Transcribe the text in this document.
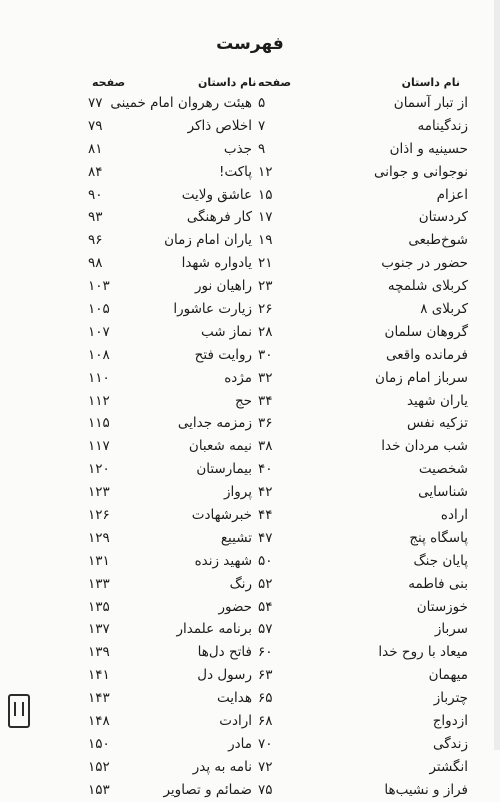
فهرست
نام داستان
صفحه
نام داستان
صفحه
از تبار آسمان
زندگینامه
حسینیه و اذان
نوجوانی و جوانی
اعزام
کردستان
شوخ‌طبعی
حضور در جنوب
کربلای شلمچه
کربلای ۸
گروهان سلمان
فرمانده واقعی
سرباز امام زمان
یاران شهید
تزکیه نفس
شب مردان خدا
شخصیت
شناسایی
اراده
پاسگاه پنج
پایان جنگ
بنی فاطمه
خوزستان
سرباز
میعاد با روح خدا
میهمان
چترباز
ازدواج
زندگی
انگشتر
فراز و نشیب‌ها
۵
هیئت رهروان امام خمینی
۷۷
۷
اخلاص ذاکر
۷۹
۹
جذب
۸۱
۱۲
پاکت!
۸۴
۱۵
عاشق ولایت
۹۰
۱۷
کار فرهنگی
۹۳
۱۹
یاران امام زمان
۹۶
۲۱
یادواره شهدا
۹۸
۲۳
راهیان نور
۱۰۳
۲۶
زیارت عاشورا
۱۰۵
۲۸
نماز شب
۱۰۷
۳۰
روایت فتح
۱۰۸
۳۲
مژده
۱۱۰
۳۴
حج
۱۱۲
۳۶
زمزمه جدایی
۱۱۵
۳۸
نیمه شعبان
۱۱۷
۴۰
بیمارستان
۱۲۰
۴۲
پرواز
۱۲۳
۴۴
خبرشهادت
۱۲۶
۴۷
تشییع
۱۲۹
۵۰
شهید زنده
۱۳۱
۵۲
رنگ
۱۳۳
۵۴
حضور
۱۳۵
۵۷
برنامه علمدار
۱۳۷
۶۰
فاتح دل‌ها
۱۳۹
۶۳
رسول دل
۱۴۱
۶۵
هدایت
۱۴۳
۶۸
ارادت
۱۴۸
۷۰
مادر
۱۵۰
۷۲
نامه به پدر
۱۵۲
۷۵
ضمائم و تصاویر
۱۵۳
